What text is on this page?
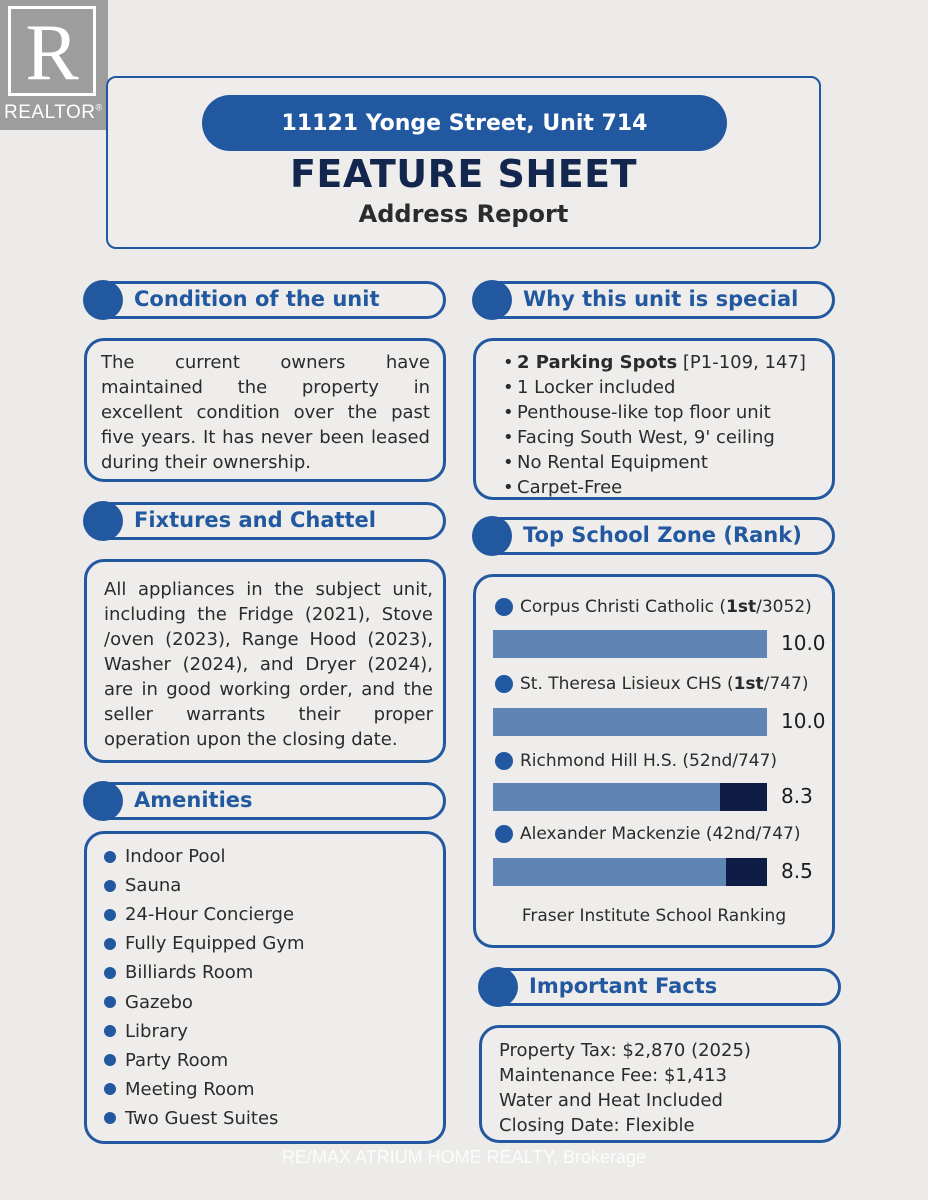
R
REALTOR®
11121 Yonge Street, Unit 714
FEATURE SHEET
Address Report
Condition of the unit

The current owners have maintained the property in excellent condition over the past five years. It has never been leased during their ownership.

Why this unit is special
• 2 Parking Spots [P1-109, 147]
• 1 Locker included
• Penthouse-like top floor unit
• Facing South West, 9' ceiling
• No Rental Equipment
• Carpet-Free
Fixtures and Chattel

All appliances in the subject unit, including the Fridge (2021), Stove /oven (2023), Range Hood (2023), Washer (2024), and Dryer (2024), are in good working order, and the seller warrants their proper operation upon the closing date.

Top School Zone (Rank)
Corpus Christi Catholic ( 1st /3052)
10.0
St. Theresa Lisieux CHS ( 1st /747)
10.0
Richmond Hill H.S. (52nd/747)
8.3
Alexander Mackenzie (42nd/747)
8.5
Fraser Institute School Ranking
Amenities
Indoor Pool
Sauna
24-Hour Concierge
Fully Equipped Gym
Billiards Room
Gazebo
Library
Party Room
Meeting Room
Two Guest Suites
Important Facts
Property Tax: $2,870 (2025)
Maintenance Fee: $1,413
Water and Heat Included
Closing Date: Flexible
RE/MAX ATRIUM HOME REALTY, Brokerage
